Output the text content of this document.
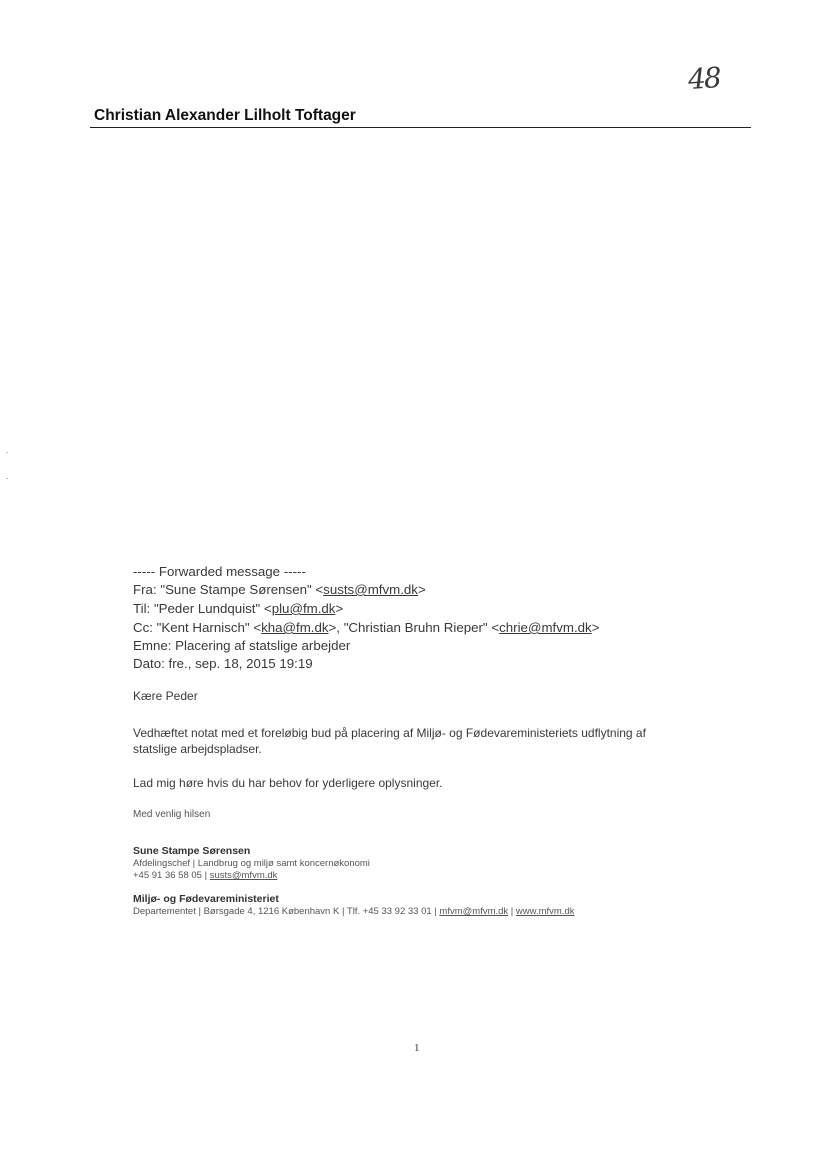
48
Christian Alexander Lilholt Toftager
----- Forwarded message -----
Fra: "Sune Stampe Sørensen" <susts@mfvm.dk>
Til: "Peder Lundquist" <plu@fm.dk>
Cc: "Kent Harnisch" <kha@fm.dk>, "Christian Bruhn Rieper" <chrie@mfvm.dk>
Emne: Placering af statslige arbejder
Dato: fre., sep. 18, 2015 19:19
Kære Peder
Vedhæftet notat med et foreløbig bud på placering af Miljø- og Fødevareministeriets udflytning af
statslige arbejdspladser.
Lad mig høre hvis du har behov for yderligere oplysninger.
Med venlig hilsen
Sune Stampe Sørensen
Afdelingschef | Landbrug og miljø samt koncernøkonomi
+45 91 36 58 05 | susts@mfvm.dk
Miljø- og Fødevareministeriet
Departementet | Børsgade 4, 1216 København K | Tlf. +45 33 92 33 01 | mfvm@mfvm.dk | www.mfvm.dk
1
